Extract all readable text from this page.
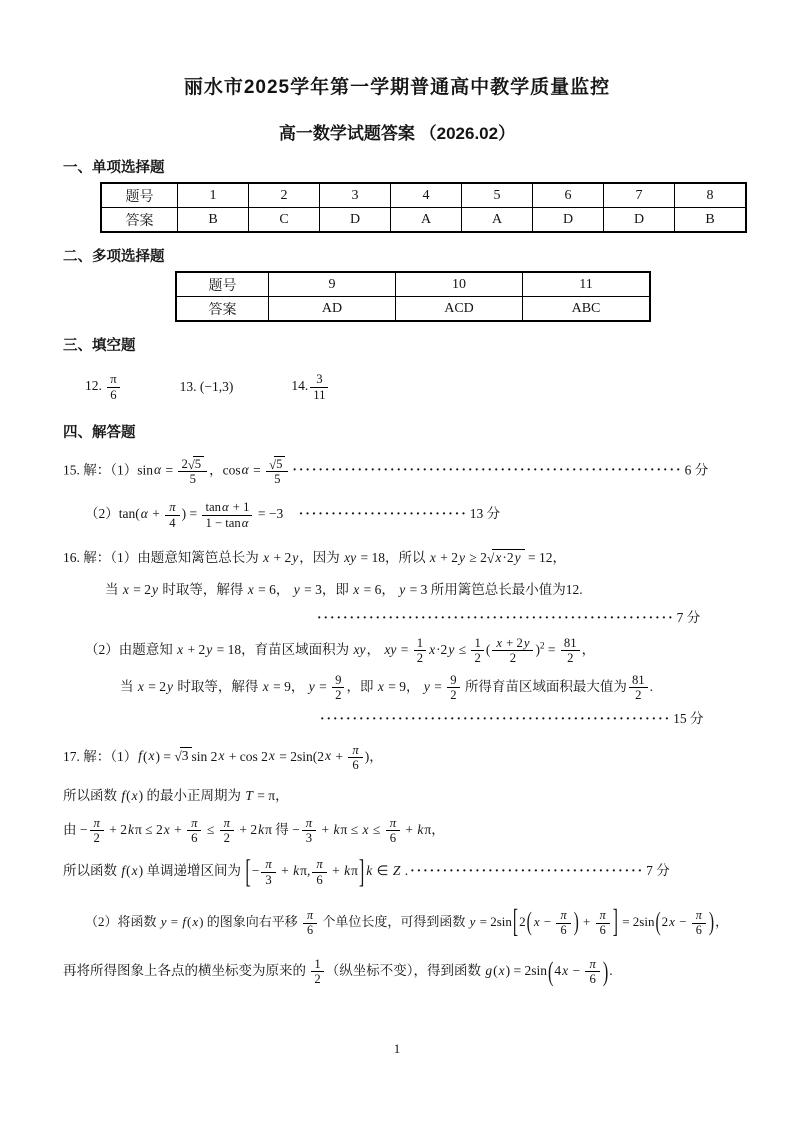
丽水市2025学年第一学期普通高中教学质量监控
高一数学试题答案 （2026.02）
一、单项选择题
题号	1	2	3	4	5	6	7	8
答案	B	C	D	A	A	D	D	B
二、多项选择题
题号	9	10	11
答案	AD	ACD	ABC
三、填空题
12. $\frac{\pi}{6}$	13. (−1,3)	14. $\frac{3}{11}$
四、解答题
15. 解：$(1)\sin\alpha = \frac{2√5}{5}$ ，$\cos\alpha = \frac{√5}{5}$ ···························································· 6 分
$(2)\tan(\alpha + \frac{\pi}{4}$ ) = $\frac{\tan\alpha + 1}{1 - \tan\alpha} = -3$　·························· 13 分
16. 解：（1）由题意知篱笆总长为 x + 2y，因为 xy = 18，所以 x + 2y ≥ 2√x·2y = 12，
当 x = 2y 时取等，解得 x = 6， y = 3，即 x = 6， y = 3 所用篱笆总长最小值为12.
······················································· 7 分
（2）由题意知 x + 2y = 18，育苗区域面积为 xy， xy = $\frac{1}{2} x\cdot 2y \le \frac{1}{2}$ ( $\frac{x + 2y}{2} )^2 = \frac{81}{2}$ ，
当 x = 2y 时取等，解得 x = 9， $y = \frac{9}{2}$ ，即 x = 9， $y = \frac{9}{2}$ 所得育苗区域面积最大值为 $\frac{81}{2}$ .
······················································ 15 分
17. 解：（1）f(x) = √3 $\sin 2x + \cos 2x = 2\sin(2x + \frac{\pi}{6}$ )，
所以函数 f(x) 的最小正周期为 T = π，
由 − $\frac{\pi}{2} + 2k\pi \le 2x + \frac{\pi}{6} \le \frac{\pi}{2} + 2k\pi$ 得 − $\frac{\pi}{3} + k\pi \le x \le \frac{\pi}{6} + k\pi$，
所以函数 f(x) 单调递增区间为 [− $\frac{\pi}{3} + k\pi$, $\frac{\pi}{6} + k\pi$] k ∈ Z . ···································· 7 分
（2）将函数 y = f(x) 的图象向右平移 $\frac{\pi}{6}$ 个单位长度，可得到函数 y = 2sin[2( $x - \frac{\pi}{6}$ ) + $\frac{\pi}{6}$ ] = $2\sin(2x - \frac{\pi}{6}$ )，
再将所得图象上各点的横坐标变为原来的 $\frac{1}{2}$ （纵坐标不变），得到函数 $g(x) = 2\sin(4x - \frac{\pi}{6}$ ).
1
